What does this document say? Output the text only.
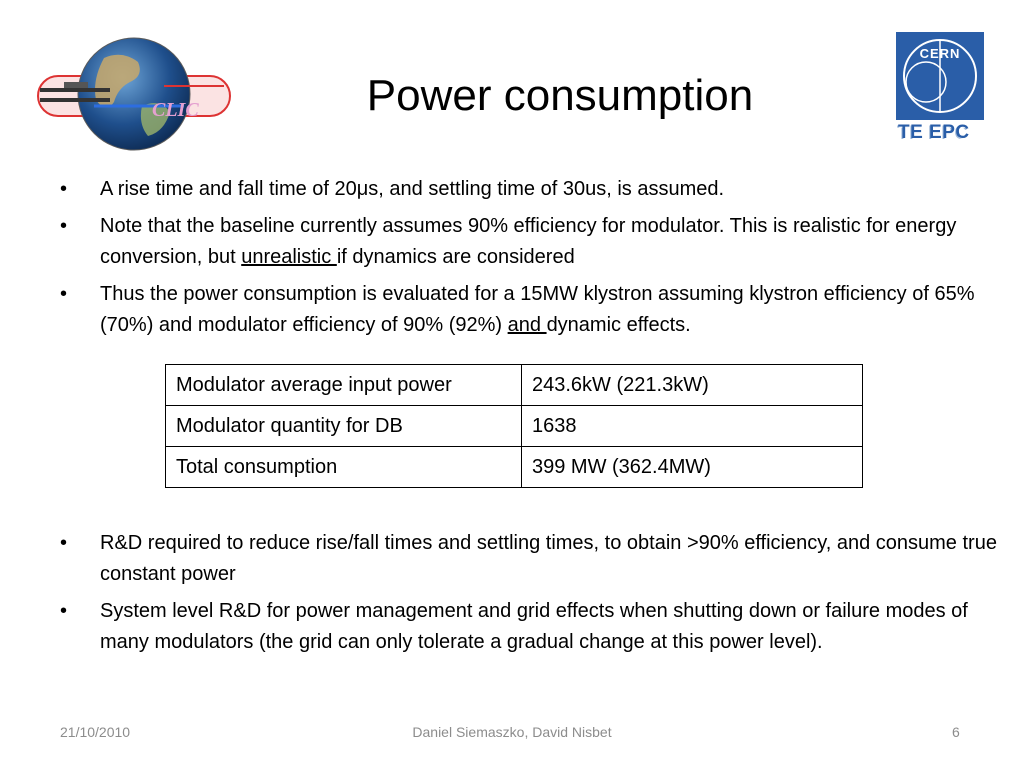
CLIC	Power consumption
CERN
TE EPC
• A rise time and fall time of 20μs, and settling time of 30us, is assumed.
• Note that the baseline currently assumes 90% efficiency for modulator. This is realistic for energy conversion, but unrealistic if dynamics are considered
• Thus the power consumption is evaluated for a 15MW klystron assuming klystron efficiency of 65% (70%) and modulator efficiency of 90% (92%) and dynamic effects.
Modulator average input power	243.6kW (221.3kW)
Modulator quantity for DB	1638
Total consumption	399 MW (362.4MW)
• R&D required to reduce rise/fall times and settling times, to obtain >90% efficiency, and consume true constant power
• System level R&D for power management and grid effects when shutting down or failure modes of many modulators (the grid can only tolerate a gradual change at this power level).
21/10/2010	Daniel Siemaszko, David Nisbet	6
